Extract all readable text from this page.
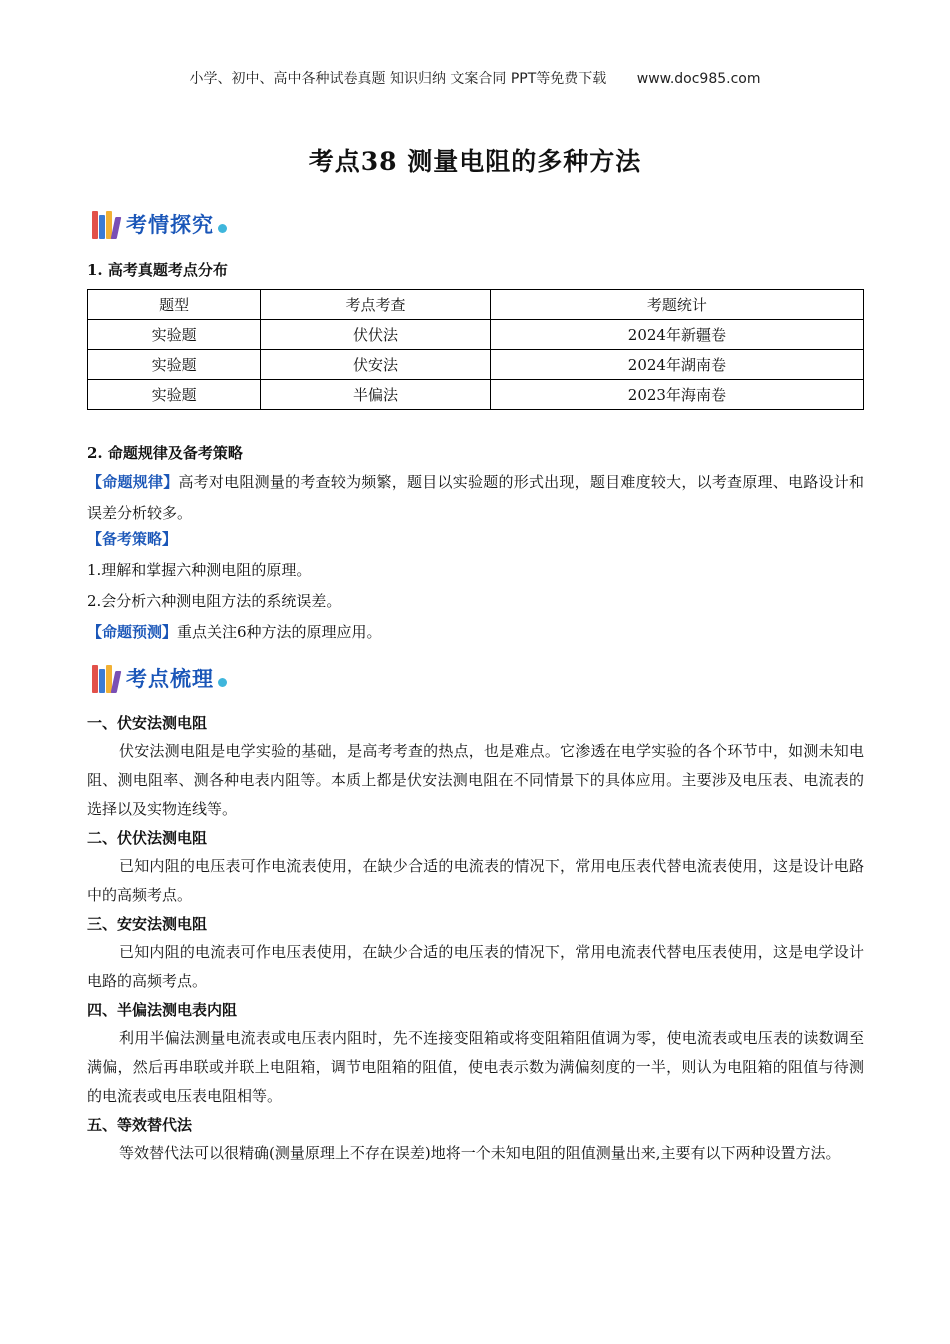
小学、初中、高中各种试卷真题 知识归纳 文案合同 PPT等免费下载 www.doc985.com
考点38 测量电阻的多种方法
考情探究
1. 高考真题考点分布
题型	考点考查	考题统计
实验题	伏伏法	2024年新疆卷
实验题	伏安法	2024年湖南卷
实验题	半偏法	2023年海南卷
2. 命题规律及备考策略
【命题规律】高考对电阻测量的考查较为频繁，题目以实验题的形式出现，题目难度较大，以考查原理、电路设计和误差分析较多。
【备考策略】
1.理解和掌握六种测电阻的原理。
2.会分析六种测电阻方法的系统误差。
【命题预测】重点关注6种方法的原理应用。
考点梳理
一、伏安法测电阻
伏安法测电阻是电学实验的基础，是高考考查的热点，也是难点。它渗透在电学实验的各个环节中，如测未知电阻、测电阻率、测各种电表内阻等。本质上都是伏安法测电阻在不同情景下的具体应用。主要涉及电压表、电流表的选择以及实物连线等。
二、伏伏法测电阻
已知内阻的电压表可作电流表使用，在缺少合适的电流表的情况下，常用电压表代替电流表使用，这是设计电路中的高频考点。
三、安安法测电阻
已知内阻的电流表可作电压表使用，在缺少合适的电压表的情况下，常用电流表代替电压表使用，这是电学设计电路的高频考点。
四、半偏法测电表内阻
利用半偏法测量电流表或电压表内阻时，先不连接变阻箱或将变阻箱阻值调为零，使电流表或电压表的读数调至满偏，然后再串联或并联上电阻箱，调节电阻箱的阻值，使电表示数为满偏刻度的一半，则认为电阻箱的阻值与待测的电流表或电压表电阻相等。
五、等效替代法
等效替代法可以很精确(测量原理上不存在误差)地将一个未知电阻的阻值测量出来,主要有以下两种设置方法。
